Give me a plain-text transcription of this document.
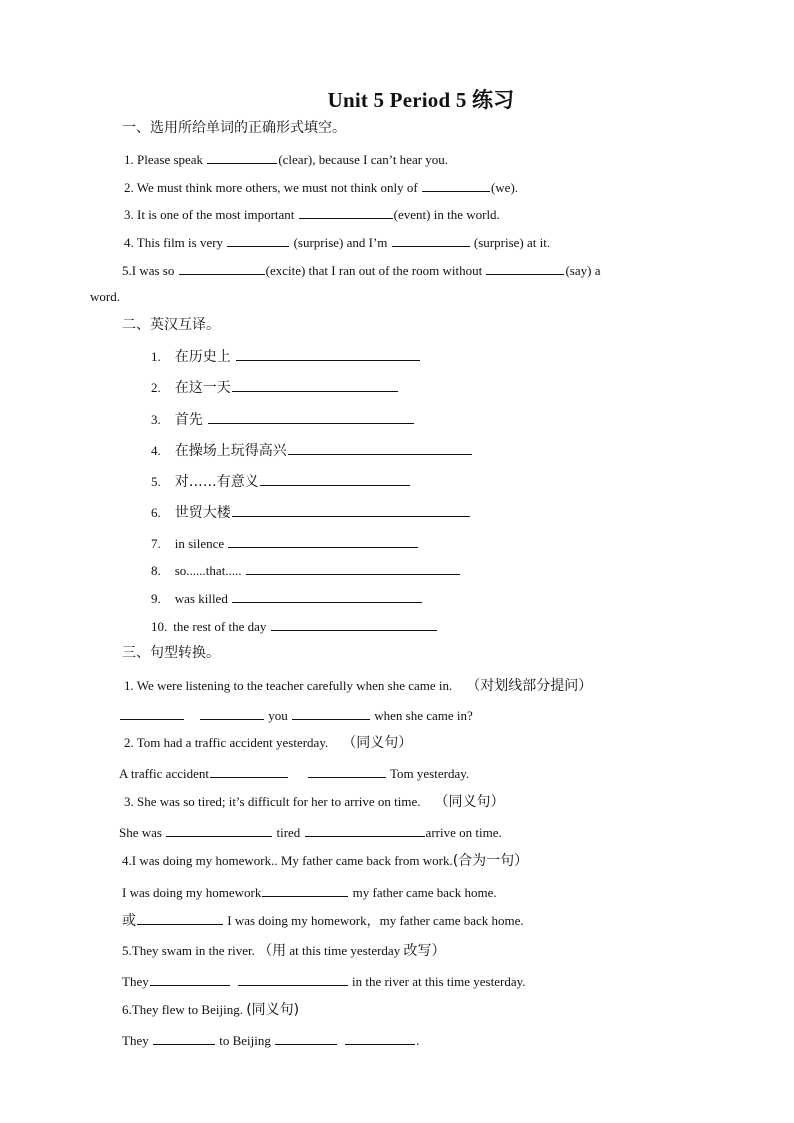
Unit 5 Period 5 练习
一、选用所给单词的正确形式填空。
1. Please speak	(clear), because I can’t hear you.
2. We must think more others, we must not think only of	(we).
3. It is one of the most important	(event) in the world.
4. This film is very	(surprise) and I’m	(surprise) at it.
5.I was so	(excite) that I ran out of the room without	(say) a
word.
二、英汉互译。
1. 在历史上
2. 在这一天
3. 首先
4. 在操场上玩得高兴
5. 对……有意义
6. 世贸大楼
7. in silence
8. so......that.....
9. was killed
10. the rest of the day
三、句型转换。
1. We were listening to the teacher carefully when she came in. （对划线部分提问）
you	when she came in?
2. Tom had a traffic accident yesterday. （同义句）
A traffic accident	Tom yesterday.
3. She was so tired; it’s difficult for her to arrive on time. （同义句）
She was	tired	arrive on time.
4.I was doing my homework.. My father came back from work.(合为一句）
I was doing my homework	my father came back home.
或	I was doing my homework，my father came back home.
5.They swam in the river. （用 at this time yesterday 改写）
They	in the river at this time yesterday.
6.They flew to Beijing. (同义句)
They	to Beijing	.
